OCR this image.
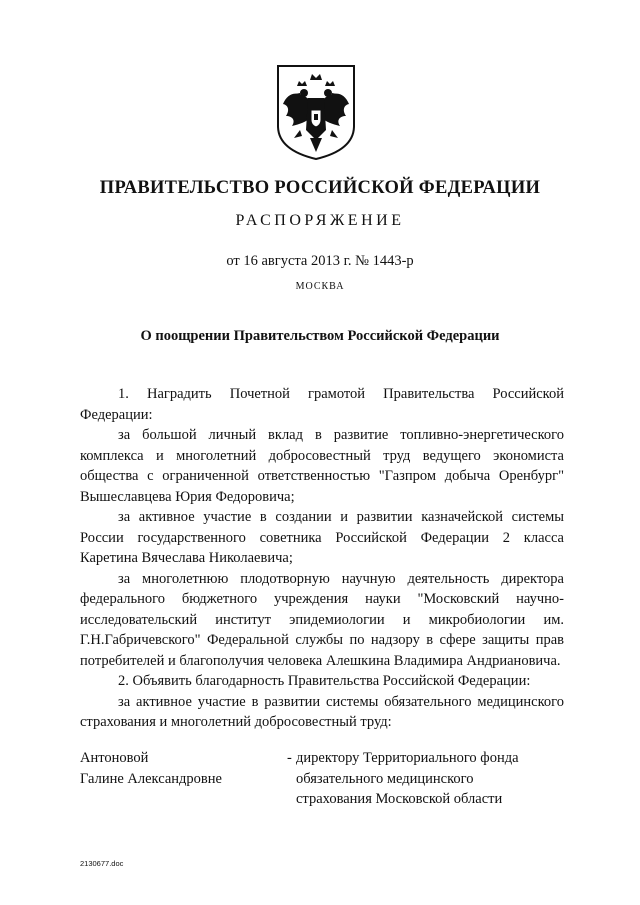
ПРАВИТЕЛЬСТВО РОССИЙСКОЙ ФЕДЕРАЦИИ
РАСПОРЯЖЕНИЕ
от 16 августа 2013 г. № 1443-р
МОСКВА
О поощрении Правительством Российской Федерации

1. Наградить Почетной грамотой Правительства Российской Федерации:

за большой личный вклад в развитие топливно-энергетического комплекса и многолетний добросовестный труд ведущего экономиста общества с ограниченной ответственностью "Газпром добыча Оренбург" Вышеславцева Юрия Федоровича;

за активное участие в создании и развитии казначейской системы России государственного советника Российской Федерации 2 класса Каретина Вячеслава Николаевича;

за многолетнюю плодотворную научную деятельность директора федерального бюджетного учреждения науки "Московский научно-исследовательский институт эпидемиологии и микробиологии им. Г.Н.Габричевского" Федеральной службы по надзору в сфере защиты прав потребителей и благополучия человека Алешкина Владимира Андриановича.

2. Объявить благодарность Правительства Российской Федерации:

за активное участие в развитии системы обязательного медицинского страхования и многолетний добросовестный труд:

Антоновой
Галине Александровне
- директору Территориального фонда
обязательного медицинского
страхования Московской области
2130677.doc
